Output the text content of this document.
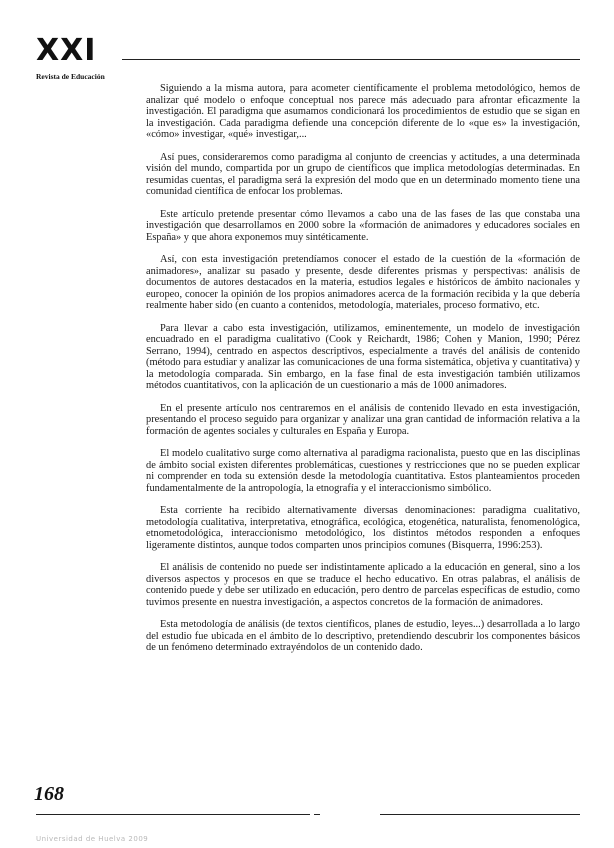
XXI
Revista de Educación

Siguiendo a la misma autora, para acometer científicamente el problema metodológico, hemos de analizar qué modelo o enfoque conceptual nos parece más adecuado para afrontar eficazmente la investigación. El paradigma que asumamos condicionará los procedimientos de estudio que se sigan en la investigación. Cada paradigma defiende una concepción diferente de lo «que es» la investigación, «cómo» investigar, «qué» investigar,...

Así pues, consideraremos como paradigma al conjunto de creencias y actitudes, a una determinada visión del mundo, compartida por un grupo de científicos que implica metodologías determinadas. En resumidas cuentas, el paradigma será la expresión del modo que en un determinado momento tiene una comunidad científica de enfocar los problemas.

Este artículo pretende presentar cómo llevamos a cabo una de las fases de las que constaba una investigación que desarrollamos en 2000 sobre la «formación de animadores y educadores sociales en España» y que ahora exponemos muy sintéticamente.

Así, con esta investigación pretendíamos conocer el estado de la cuestión de la «formación de animadores», analizar su pasado y presente, desde diferentes prismas y perspectivas: análisis de documentos de autores destacados en la materia, estudios legales e históricos de ámbito nacionales y europeo, conocer la opinión de los propios animadores acerca de la formación recibida y la que debería realmente haber sido (en cuanto a contenidos, metodología, materiales, proceso formativo, etc.

Para llevar a cabo esta investigación, utilizamos, eminentemente, un modelo de investigación encuadrado en el paradigma cualitativo (Cook y Reichardt, 1986; Cohen y Manion, 1990; Pérez Serrano, 1994), centrado en aspectos descriptivos, especialmente a través del análisis de contenido (método para estudiar y analizar las comunicaciones de una forma sistemática, objetiva y cuantitativa) y la metodología comparada. Sin embargo, en la fase final de esta investigación también utilizamos métodos cuantitativos, con la aplicación de un cuestionario a más de 1000 animadores.

En el presente artículo nos centraremos en el análisis de contenido llevado en esta investigación, presentando el proceso seguido para organizar y analizar una gran cantidad de información relativa a la formación de agentes sociales y culturales en España y Europa.

El modelo cualitativo surge como alternativa al paradigma racionalista, puesto que en las disciplinas de ámbito social existen diferentes problemáticas, cuestiones y restricciones que no se pueden explicar ni comprender en toda su extensión desde la metodología cuantitativa. Estos planteamientos proceden fundamentalmente de la antropología, la etnografía y el interaccionismo simbólico.

Esta corriente ha recibido alternativamente diversas denominaciones: paradigma cualitativo, metodología cualitativa, interpretativa, etnográfica, ecológica, etogenética, naturalista, fenomenológica, etnometodológica, interaccionismo metodológico, los distintos métodos responden a enfoques ligeramente distintos, aunque todos comparten unos principios comunes (Bisquerra, 1996:253).

El análisis de contenido no puede ser indistintamente aplicado a la educación en general, sino a los diversos aspectos y procesos en que se traduce el hecho educativo. En otras palabras, el análisis de contenido puede y debe ser utilizado en educación, pero dentro de parcelas específicas de estudio, como tuvimos presente en nuestra investigación, a aspectos concretos de la formación de animadores.

Esta metodología de análisis (de textos científicos, planes de estudio, leyes...) desarrollada a lo largo del estudio fue ubicada en el ámbito de lo descriptivo, pretendiendo descubrir los componentes básicos de un fenómeno determinado extrayéndolos de un contenido dado.

168
Universidad de Huelva 2009
